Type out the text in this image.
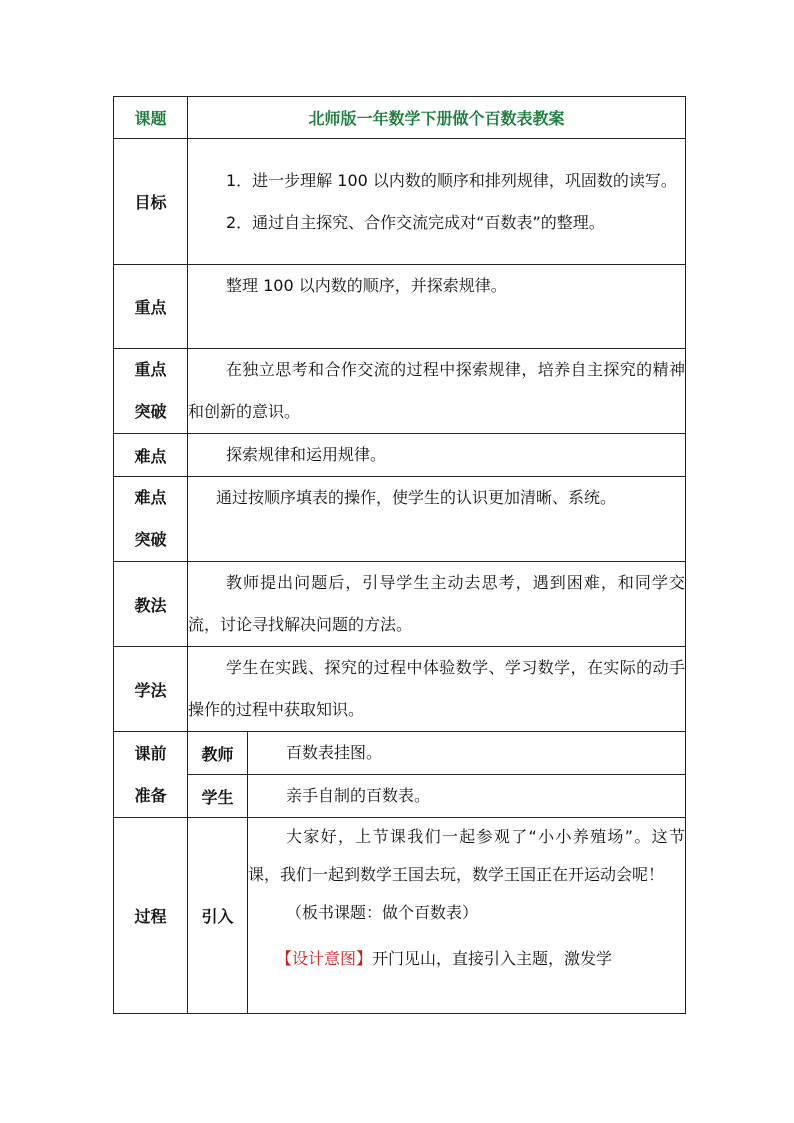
课题	北师版一年数学下册做个百数表教案	
目标	1．进一步理解 100 以内数的顺序和排列规律，巩固数的读写。

2．通过自主探究、合作交流完成对“百数表”的整理。	

重点	整理 100 以内数的顺序，并探索规律。	

重点
突破	在独立思考和合作交流的过程中探索规律，培养自主探究的精神和创新的意识。	

难点	探索规律和运用规律。	

难点
突破	通过按顺序填表的操作，使学生的认识更加清晰、系统。	

教法	教师提出问题后，引导学生主动去思考，遇到困难，和同学交流，讨论寻找解决问题的方法。	

学法	学生在实践、探究的过程中体验数学、学习数学，在实际的动手操作的过程中获取知识。	

课前
准备	教师	百数表挂图。

	学生	亲手自制的百数表。

过程	引入	大家好，上节课我们一起参观了“小小养殖场”。这节课，我们一起到数学王国去玩，数学王国正在开运动会呢！

（板书课题：做个百数表）

【设计意图】开门见山，直接引入主题，激发学
